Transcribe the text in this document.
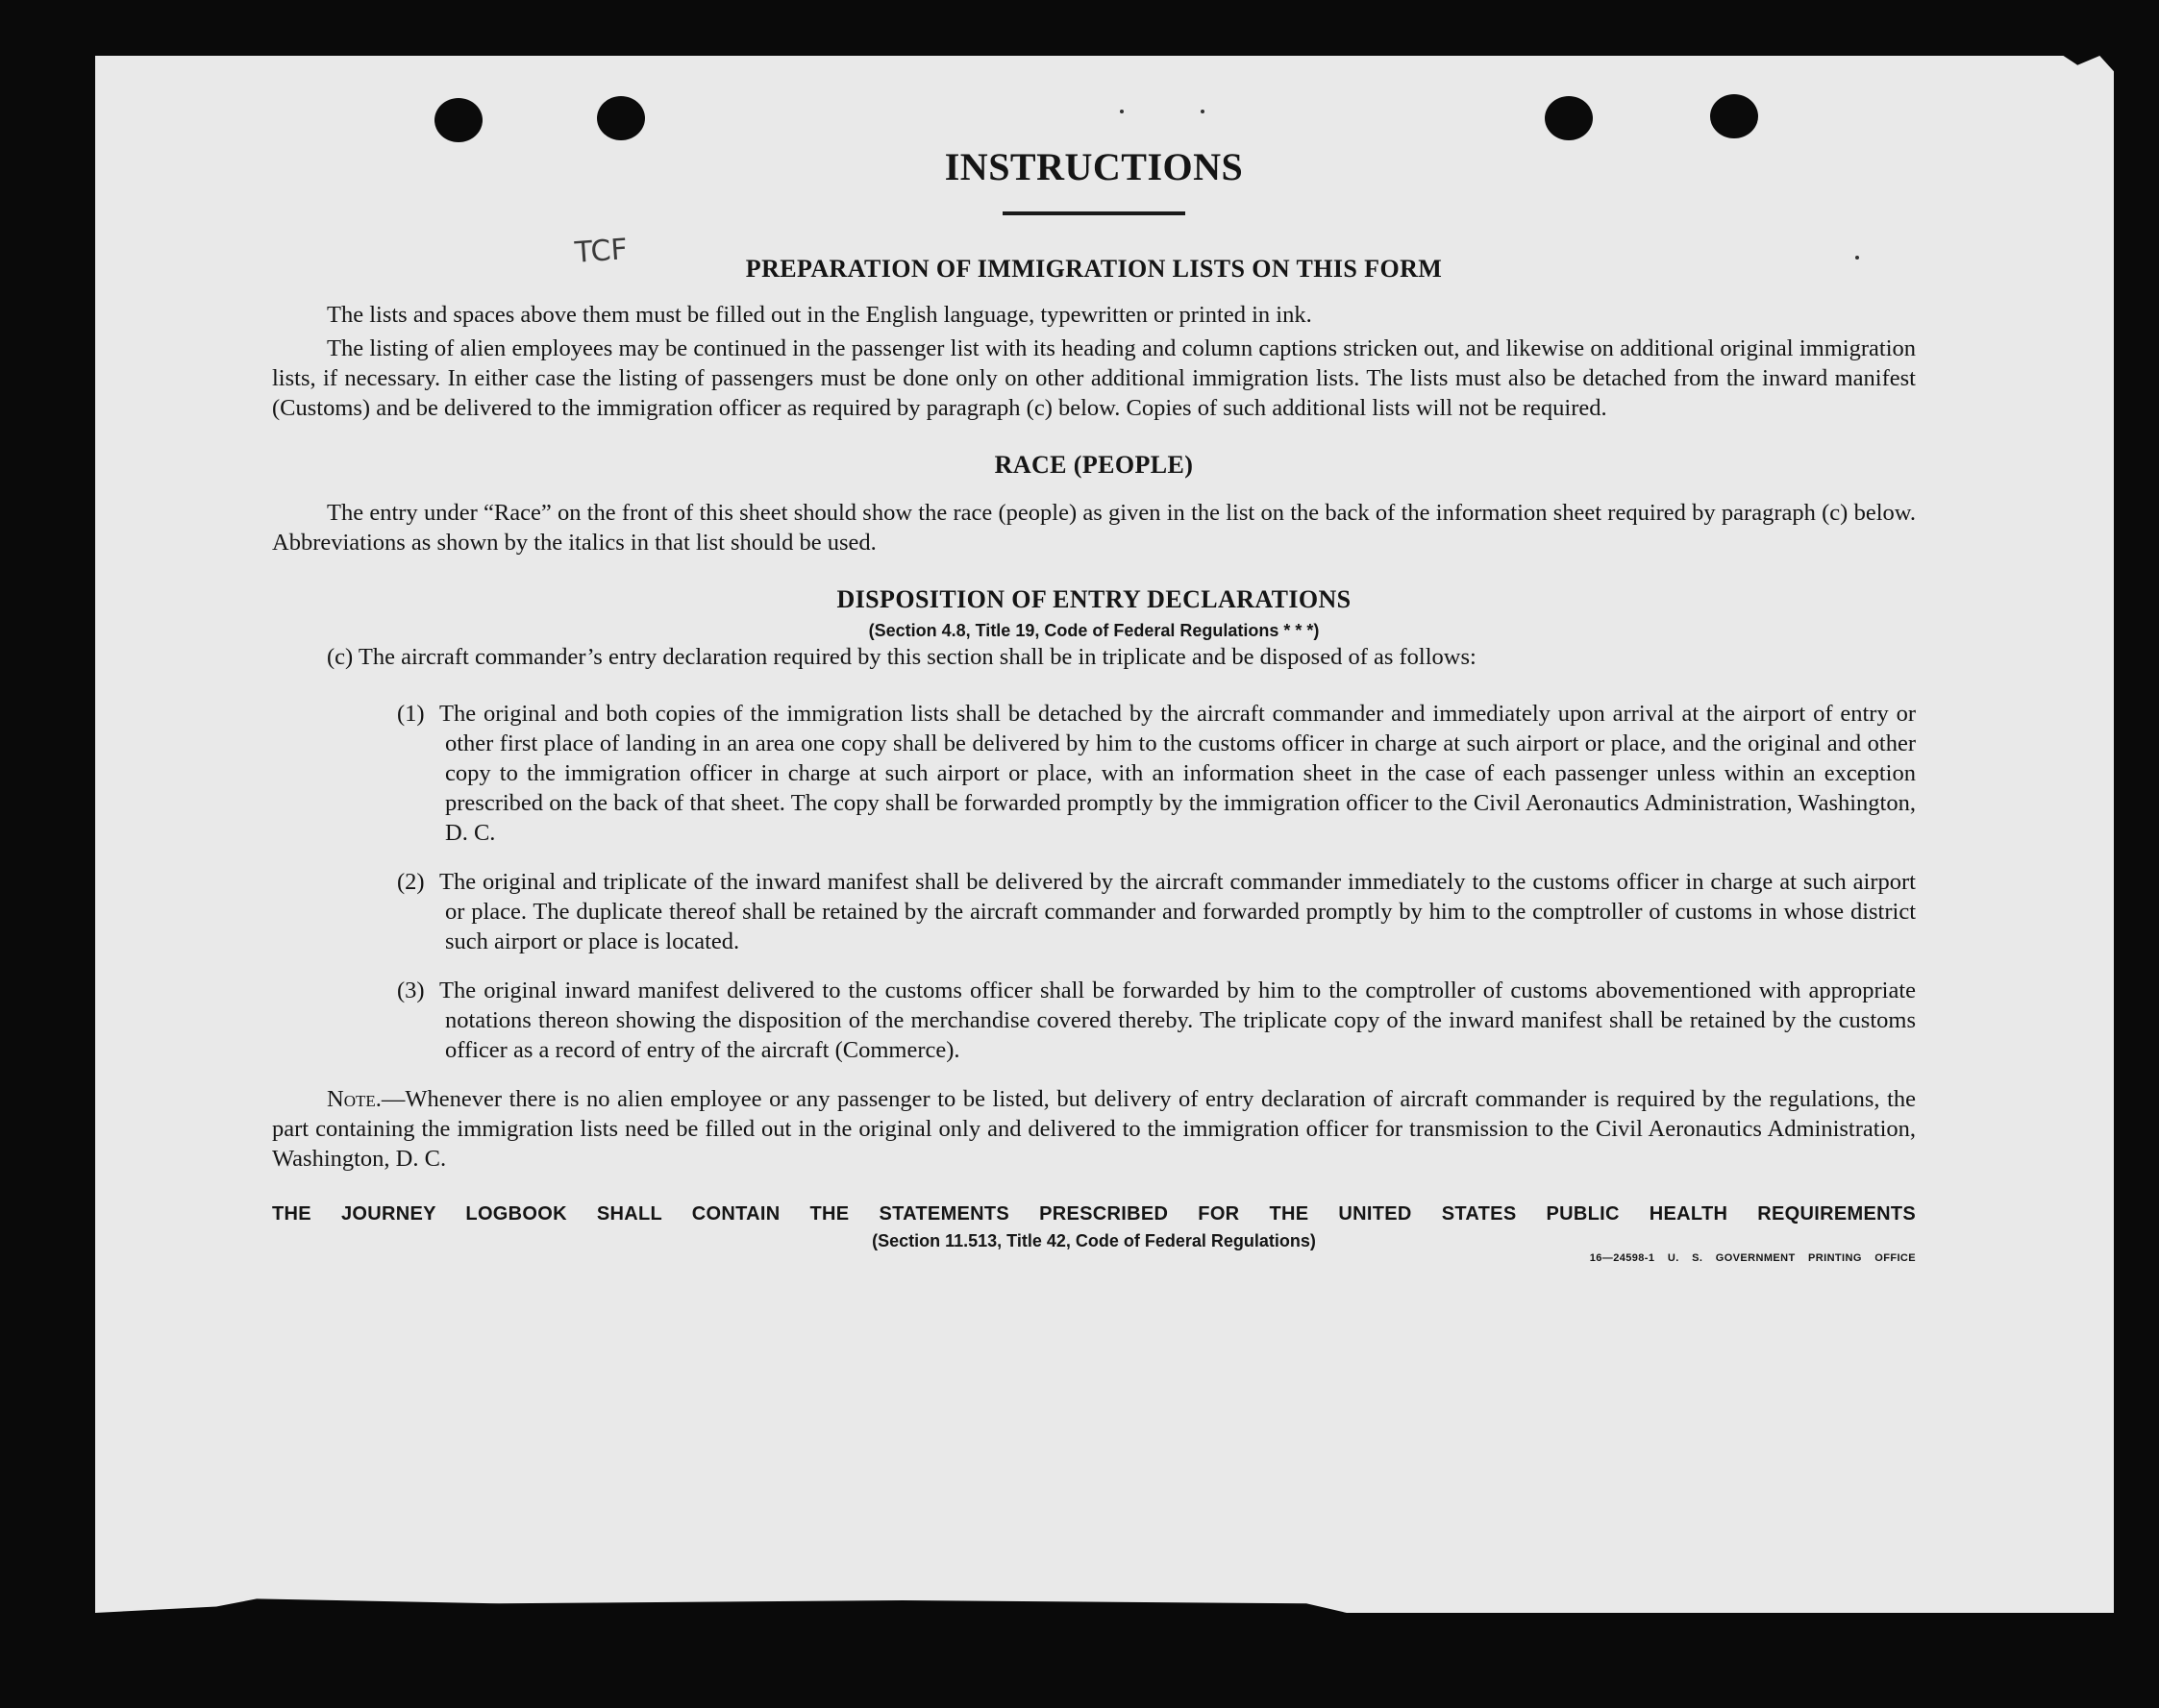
TCF
INSTRUCTIONS
PREPARATION OF IMMIGRATION LISTS ON THIS FORM

The lists and spaces above them must be filled out in the English language, typewritten or printed in ink.

The listing of alien employees may be continued in the passenger list with its heading and column captions stricken out, and likewise on additional original immigration lists, if necessary. In either case the listing of passengers must be done only on other additional immigration lists. The lists must also be detached from the inward manifest (Customs) and be delivered to the immigration officer as required by paragraph (c) below. Copies of such additional lists will not be required.

RACE (PEOPLE)

The entry under “Race” on the front of this sheet should show the race (people) as given in the list on the back of the information sheet required by paragraph (c) below. Abbreviations as shown by the italics in that list should be used.

DISPOSITION OF ENTRY DECLARATIONS

(Section 4.8, Title 19, Code of Federal Regulations * * *)

(c) The aircraft commander’s entry declaration required by this section shall be in triplicate and be disposed of as follows:

(1) The original and both copies of the immigration lists shall be detached by the aircraft commander and immediately upon arrival at the airport of entry or other first place of landing in an area one copy shall be delivered by him to the customs officer in charge at such airport or place, and the original and other copy to the immigration officer in charge at such airport or place, with an information sheet in the case of each passenger unless within an exception prescribed on the back of that sheet. The copy shall be forwarded promptly by the immigration officer to the Civil Aeronautics Administration, Washington, D. C.

(2) The original and triplicate of the inward manifest shall be delivered by the aircraft commander immediately to the customs officer in charge at such airport or place. The duplicate thereof shall be retained by the aircraft commander and forwarded promptly by him to the comptroller of customs in whose district such airport or place is located.

(3) The original inward manifest delivered to the customs officer shall be forwarded by him to the comptroller of customs abovementioned with appropriate notations thereon showing the disposition of the merchandise covered thereby. The triplicate copy of the inward manifest shall be retained by the customs officer as a record of entry of the aircraft (Commerce).

Note.—Whenever there is no alien employee or any passenger to be listed, but delivery of entry declaration of aircraft commander is required by the regulations, the part containing the immigration lists need be filled out in the original only and delivered to the immigration officer for transmission to the Civil Aeronautics Administration, Washington, D. C.

THE JOURNEY LOGBOOK SHALL CONTAIN THE STATEMENTS PRESCRIBED FOR THE UNITED STATES PUBLIC HEALTH REQUIREMENTS

(Section 11.513, Title 42, Code of Federal Regulations)

16—24598-1 U. S. GOVERNMENT PRINTING OFFICE
